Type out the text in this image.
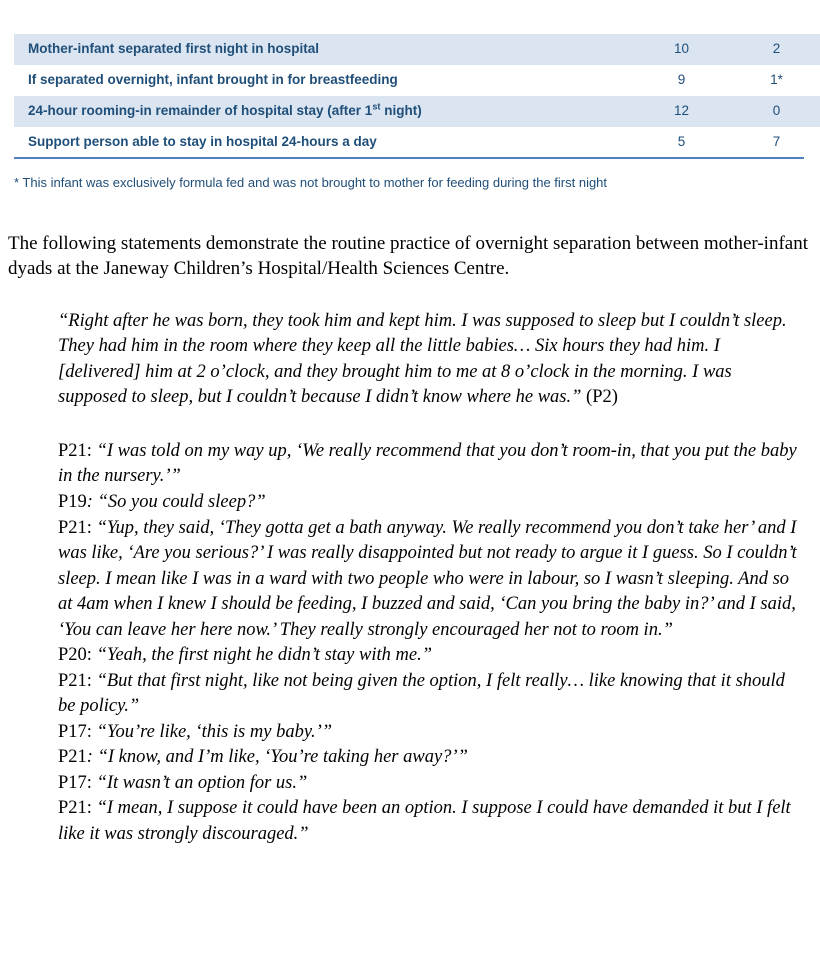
Mother-infant separated first night in hospital	10	2
If separated overnight, infant brought in for breastfeeding	9	1*
24-hour rooming-in remainder of hospital stay (after 1st night)	12	0
Support person able to stay in hospital 24-hours a day	5	7
* This infant was exclusively formula fed and was not brought to mother for feeding during the first night
The following statements demonstrate the routine practice of overnight separation between mother-infant dyads at the Janeway Children’s Hospital/Health Sciences Centre.
“Right after he was born, they took him and kept him. I was supposed to sleep but I couldn’t sleep. They had him in the room where they keep all the little babies… Six hours they had him. I [delivered] him at 2 o’clock, and they brought him to me at 8 o’clock in the morning. I was supposed to sleep, but I couldn’t because I didn’t know where he was.” (P2)

P21: “I was told on my way up, ‘We really recommend that you don’t room-in, that you put the baby in the nursery.’”

P19: “So you could sleep?”

P21: “Yup, they said, ‘They gotta get a bath anyway. We really recommend you don’t take her’ and I was like, ‘Are you serious?’ I was really disappointed but not ready to argue it I guess. So I couldn’t sleep. I mean like I was in a ward with two people who were in labour, so I wasn’t sleeping. And so at 4am when I knew I should be feeding, I buzzed and said, ‘Can you bring the baby in?’ and I said, ‘You can leave her here now.’ They really strongly encouraged her not to room in.”

P20: “Yeah, the first night he didn’t stay with me.”

P21: “But that first night, like not being given the option, I felt really… like knowing that it should be policy.”

P17: “You’re like, ‘this is my baby.’”

P21: “I know, and I’m like, ‘You’re taking her away?’”

P17: “It wasn’t an option for us.”

P21: “I mean, I suppose it could have been an option. I suppose I could have demanded it but I felt like it was strongly discouraged.”
